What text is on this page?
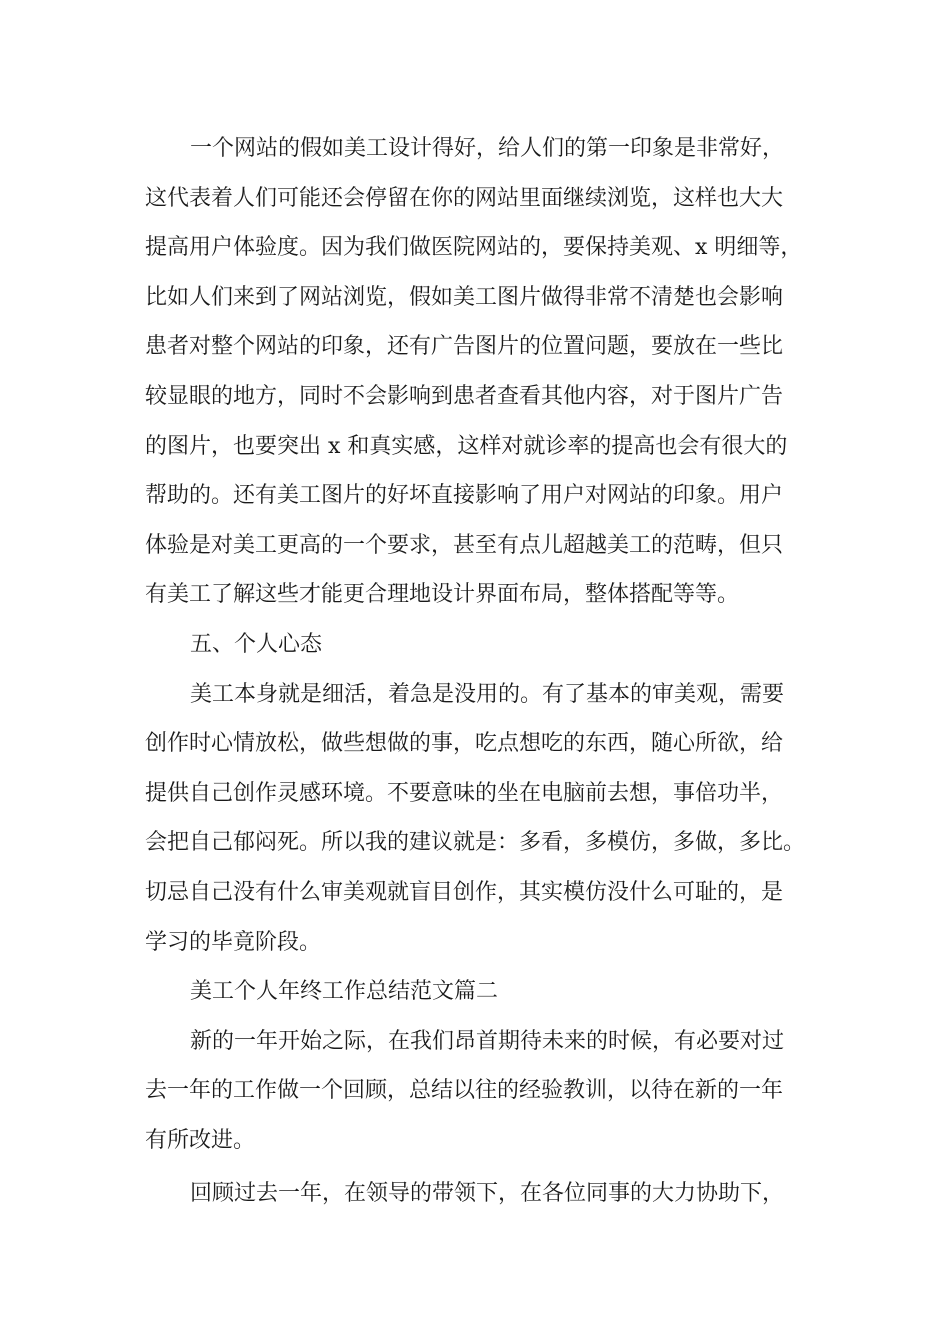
一个网站的假如美工设计得好，给人们的第一印象是非常好，
这代表着人们可能还会停留在你的网站里面继续浏览，这样也大大
提高用户体验度。因为我们做医院网站的，要保持美观、x 明细等，
比如人们来到了网站浏览，假如美工图片做得非常不清楚也会影响
患者对整个网站的印象，还有广告图片的位置问题，要放在一些比
较显眼的地方，同时不会影响到患者查看其他内容，对于图片广告
的图片，也要突出 x 和真实感，这样对就诊率的提高也会有很大的
帮助的。还有美工图片的好坏直接影响了用户对网站的印象。用户
体验是对美工更高的一个要求，甚至有点儿超越美工的范畴，但只
有美工了解这些才能更合理地设计界面布局，整体搭配等等。
五、个人心态
美工本身就是细活，着急是没用的。有了基本的审美观，需要
创作时心情放松，做些想做的事，吃点想吃的东西，随心所欲，给
提供自己创作灵感环境。不要意味的坐在电脑前去想，事倍功半，
会把自己郁闷死。所以我的建议就是：多看，多模仿，多做，多比。
切忌自己没有什么审美观就盲目创作，其实模仿没什么可耻的，是
学习的毕竟阶段。
美工个人年终工作总结范文篇二
新的一年开始之际，在我们昂首期待未来的时候，有必要对过
去一年的工作做一个回顾，总结以往的经验教训，以待在新的一年
有所改进。
回顾过去一年，在领导的带领下，在各位同事的大力协助下，
